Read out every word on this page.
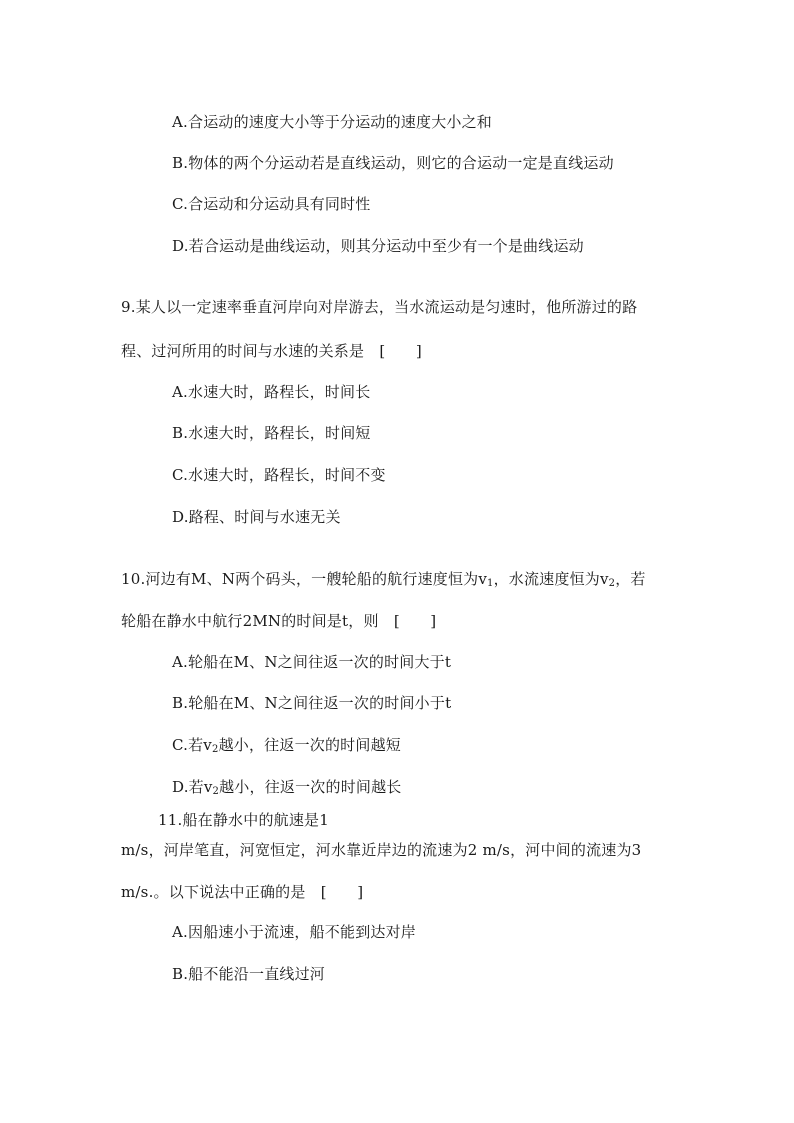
A.合运动的速度大小等于分运动的速度大小之和
B.物体的两个分运动若是直线运动，则它的合运动一定是直线运动
C.合运动和分运动具有同时性
D.若合运动是曲线运动，则其分运动中至少有一个是曲线运动
9.某人以一定速率垂直河岸向对岸游去，当水流运动是匀速时，他所游过的路
程、过河所用的时间与水速的关系是　[　　]
A.水速大时，路程长，时间长
B.水速大时，路程长，时间短
C.水速大时，路程长，时间不变
D.路程、时间与水速无关
10.河边有M、N两个码头，一艘轮船的航行速度恒为$v_1$，水流速度恒为$v_2$，若
轮船在静水中航行2MN的时间是t，则　[　　]
A.轮船在M、N之间往返一次的时间大于t
B.轮船在M、N之间往返一次的时间小于t
C.若$v_2$越小，往返一次的时间越短
D.若$v_2$越小，往返一次的时间越长
11.船在静水中的航速是1
m/s，河岸笔直，河宽恒定，河水靠近岸边的流速为2 m/s，河中间的流速为3
m/s.。以下说法中正确的是　[　　]
A.因船速小于流速，船不能到达对岸
B.船不能沿一直线过河
